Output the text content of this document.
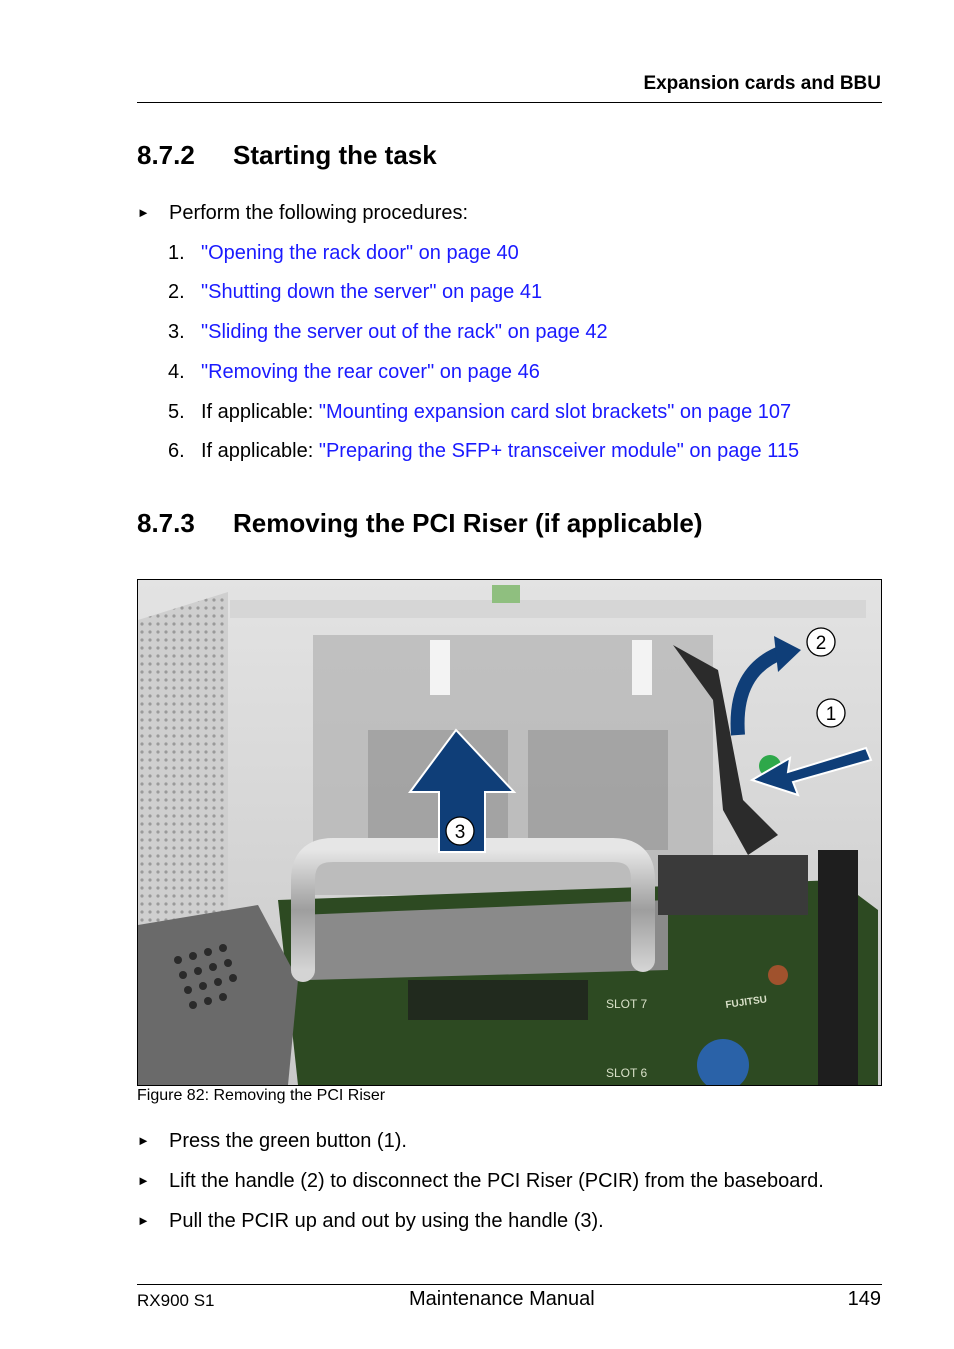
Expansion cards and BBU
8.7.2 Starting the task
► Perform the following procedures:
1. "Opening the rack door" on page 40
2. "Shutting down the server" on page 41
3. "Sliding the server out of the rack" on page 42
4. "Removing the rear cover" on page 46
5. If applicable: "Mounting expansion card slot brackets" on page 107
6. If applicable: "Preparing the SFP+ transceiver module" on page 115
8.7.3 Removing the PCI Riser (if applicable)
SLOT 7
SLOT 6
FUJITSU
2
1
3
Figure 82: Removing the PCI Riser
► Press the green button (1).
► Lift the handle (2) to disconnect the PCI Riser (PCIR) from the baseboard.
► Pull the PCIR up and out by using the handle (3).
RX900 S1	Maintenance Manual	149
